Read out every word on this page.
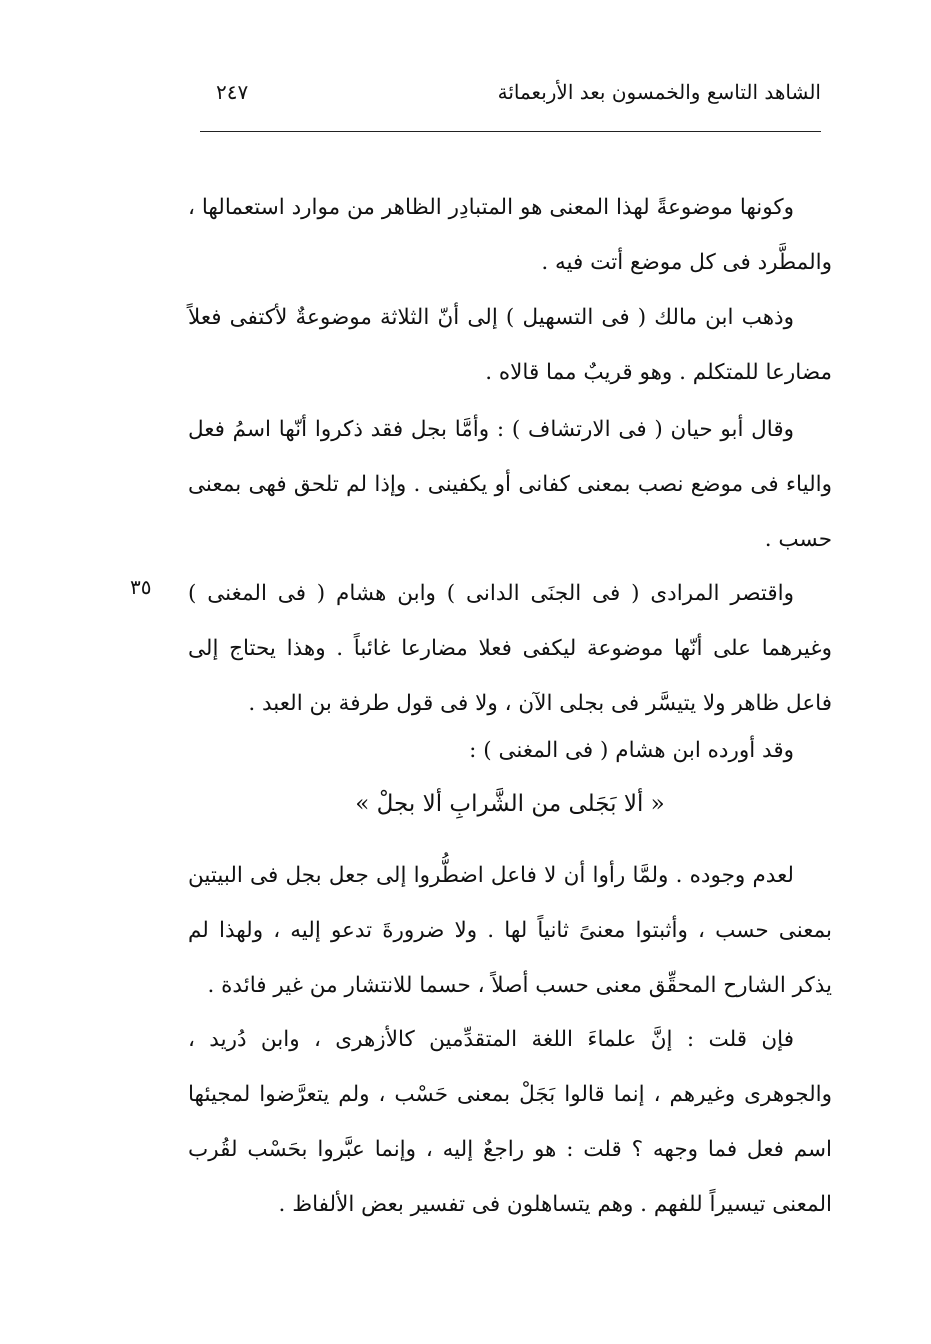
الشاهد التاسع والخمسون بعد الأربعمائة
٢٤٧
وكونها موضوعةً لهذا المعنى هو المتبادِر الظاهر من موارد استعمالها ، والمطَّرد فى كل موضع أتت فيه .
وذهب ابن مالك ( فى التسهيل ) إلى أنّ الثلاثة موضوعةٌ لأكتفى فعلاً مضارعا للمتكلم . وهو قريبٌ مما قالاه .
وقال أبو حيان ( فى الارتشاف ) : وأمَّا بجل فقد ذكروا أنّها اسمُ فعل والياء فى موضع نصب بمعنى كفانى أو يكفينى . وإذا لم تلحق فهى بمعنى حسب .
٣٥ واقتصر المرادى ( فى الجنَى الدانى ) وابن هشام ( فى المغنى ) وغيرهما على أنّها موضوعة ليكفى فعلا مضارعا غائباً . وهذا يحتاج إلى فاعل ظاهر ولا يتيسَّر فى بجلى الآن ، ولا فى قول طرفة بن العبد .
وقد أورده ابن هشام ( فى المغنى ) :
« ألا بَجَلى من الشَّرابِ ألا بجلْ »
لعدم وجوده . ولمَّا رأوا أن لا فاعل اضطُّروا إلى جعل بجل فى البيتين بمعنى حسب ، وأثبتوا معنىً ثانياً لها . ولا ضرورةَ تدعو إليه ، ولهذا لم يذكر الشارح المحقِّق معنى حسب أصلاً ، حسما للانتشار من غير فائدة .
فإن قلت : إنَّ علماءَ اللغة المتقدِّمين كالأزهرى ، وابن دُريد ، والجوهرى وغيرهم ، إنما قالوا بَجَلْ بمعنى حَسْب ، ولم يتعرَّضوا لمجيئها اسم فعل فما وجهه ؟ قلت : هو راجعٌ إليه ، وإنما عبَّروا بحَسْب لقُرب المعنى تيسيراً للفهم . وهم يتساهلون فى تفسير بعض الألفاظ .
